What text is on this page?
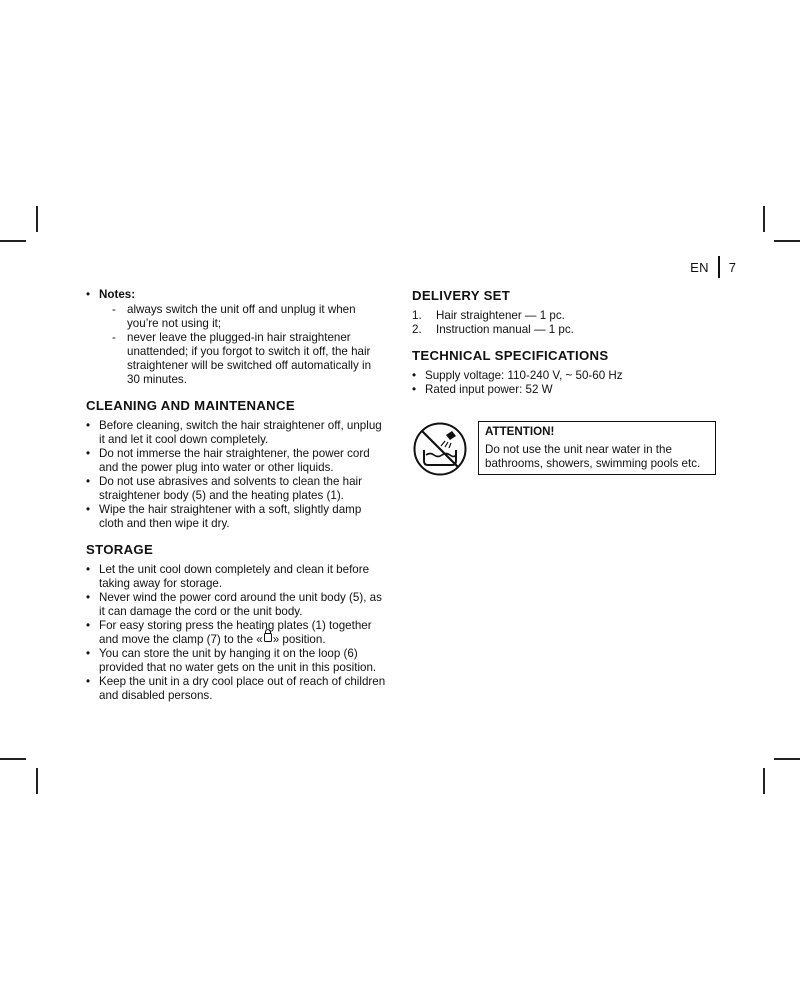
EN 7
• Notes:
- always switch the unit off and unplug it when you’re not using it;
- never leave the plugged-in hair straightener unattended; if you forgot to switch it off, the hair straightener will be switched off automatically in 30 minutes.
CLEANING AND MAINTENANCE
• Before cleaning, switch the hair straightener off, unplug it and let it cool down completely.
• Do not immerse the hair straightener, the power cord and the power plug into water or other liquids.
• Do not use abrasives and solvents to clean the hair straightener body (5) and the heating plates (1).
• Wipe the hair straightener with a soft, slightly damp cloth and then wipe it dry.
STORAGE
• Let the unit cool down completely and clean it before taking away for storage.
• Never wind the power cord around the unit body (5), as it can damage the cord or the unit body.
• For easy storing press the heating plates (1) together and move the clamp (7) to the « » position.
• You can store the unit by hanging it on the loop (6) provided that no water gets on the unit in this position.
• Keep the unit in a dry cool place out of reach of children and disabled persons.
DELIVERY SET
1. Hair straightener — 1 pc.
2. Instruction manual — 1 pc.
TECHNICAL SPECIFICATIONS
• Supply voltage: 110-240 V, ~ 50-60 Hz
• Rated input power: 52 W
ATTENTION!
Do not use the unit near water in the bathrooms, showers, swimming pools etc.
